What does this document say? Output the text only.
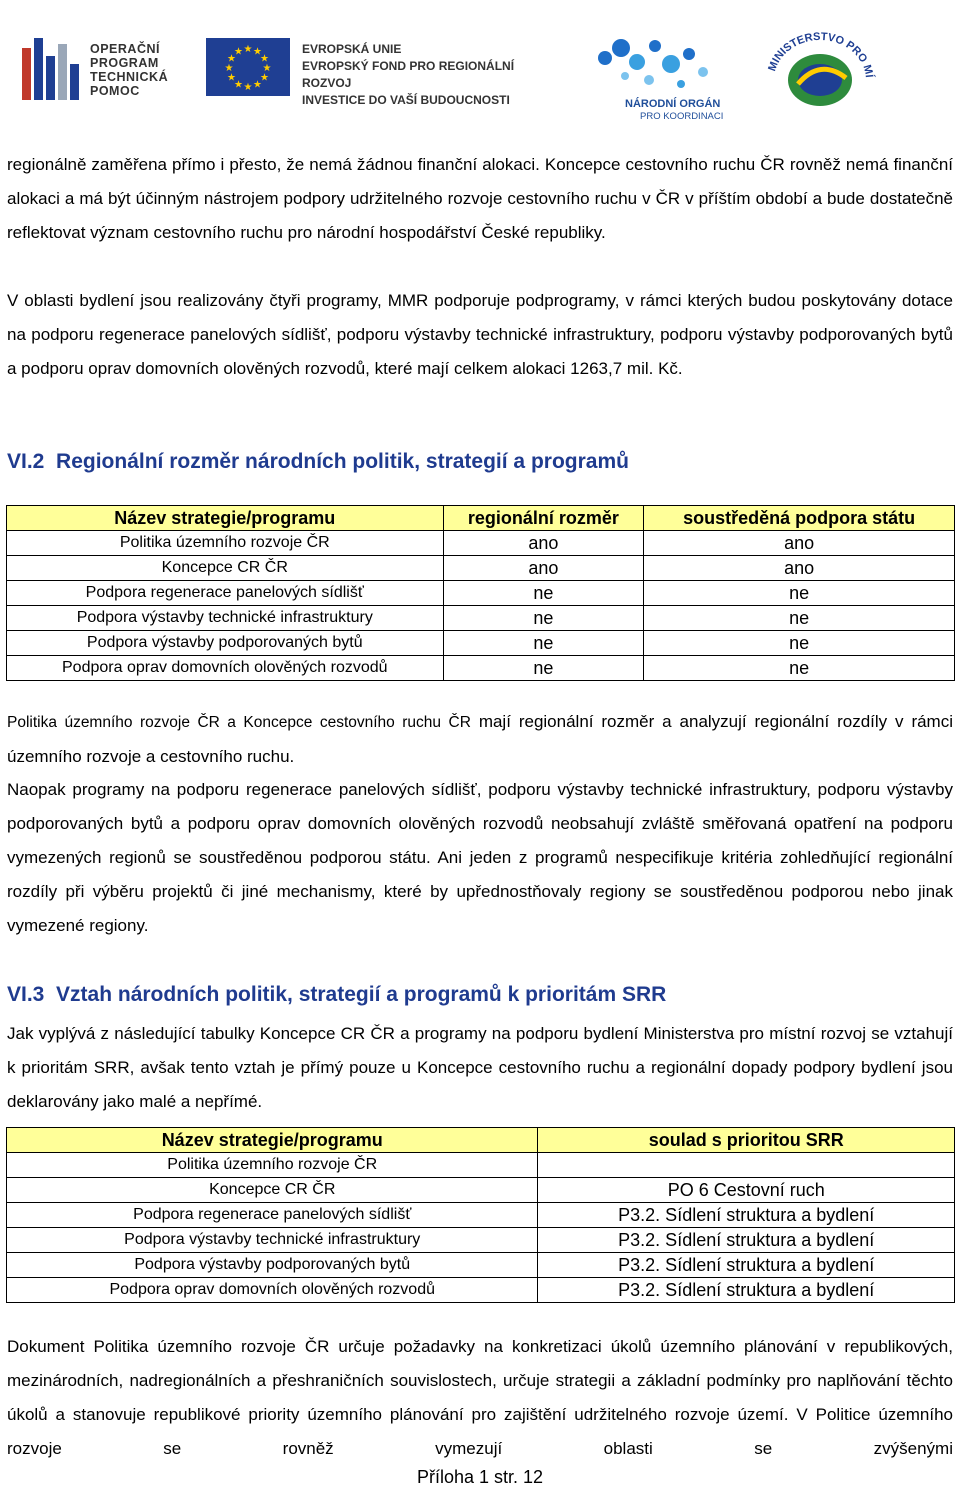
OPERAČNÍ
PROGRAM
TECHNICKÁ
POMOC
★ ★
★
★
★
★
★
★
★
★
★
★	EVROPSKÁ UNIE
EVROPSKÝ FOND PRO REGIONÁLNÍ ROZVOJ
INVESTICE DO VAŠÍ BUDOUCNOSTI	NÁRODNÍ ORGÁN
PRO KOORDINACI
MINISTERSTVO PRO MÍ

regionálně zaměřena přímo i přesto, že nemá žádnou finanční alokaci. Koncepce cestovního ruchu ČR rovněž nemá finanční alokaci a má být účinným nástrojem podpory udržitelného rozvoje cestovního ruchu v ČR v příštím období a bude dostatečně reflektovat význam cestovního ruchu pro národní hospodářství České republiky.

V oblasti bydlení jsou realizovány čtyři programy, MMR podporuje podprogramy, v rámci kterých budou poskytovány dotace na podporu regenerace panelových sídlišť, podporu výstavby technické infrastruktury, podporu výstavby podporovaných bytů a podporu oprav domovních olověných rozvodů, které mají celkem alokaci 1263,7 mil. Kč.

VI.2 Regionální rozměr národních politik, strategií a programů
Název strategie/programu	regionální rozměr	soustředěná podpora státu
Politika územního rozvoje ČR	ano	ano
Koncepce CR ČR	ano	ano
Podpora regenerace panelových sídlišť	ne	ne
Podpora výstavby technické infrastruktury	ne	ne
Podpora výstavby podporovaných bytů	ne	ne
Podpora oprav domovních olověných rozvodů	ne	ne

Politika územního rozvoje ČR a Koncepce cestovního ruchu ČR mají regionální rozměr a analyzují regionální rozdíly v rámci územního rozvoje a cestovního ruchu.

Naopak programy na podporu regenerace panelových sídlišť, podporu výstavby technické infrastruktury, podporu výstavby podporovaných bytů a podporu oprav domovních olověných rozvodů neobsahují zvláště směřovaná opatření na podporu vymezených regionů se soustředěnou podporou státu. Ani jeden z programů nespecifikuje kritéria zohledňující regionální rozdíly při výběru projektů či jiné mechanismy, které by upřednostňovaly regiony se soustředěnou podporou nebo jinak vymezené regiony.

VI.3 Vztah národních politik, strategií a programů k prioritám SRR

Jak vyplývá z následující tabulky Koncepce CR ČR a programy na podporu bydlení Ministerstva pro místní rozvoj se vztahují k prioritám SRR, avšak tento vztah je přímý pouze u Koncepce cestovního ruchu a regionální dopady podpory bydlení jsou deklarovány jako malé a nepřímé.

Název strategie/programu	soulad s prioritou SRR
Politika územního rozvoje ČR	
Koncepce CR ČR	PO 6 Cestovní ruch
Podpora regenerace panelových sídlišť	P3.2. Sídlení struktura a bydlení
Podpora výstavby technické infrastruktury	P3.2. Sídlení struktura a bydlení
Podpora výstavby podporovaných bytů	P3.2. Sídlení struktura a bydlení
Podpora oprav domovních olověných rozvodů	P3.2. Sídlení struktura a bydlení

Dokument Politika územního rozvoje ČR určuje požadavky na konkretizaci úkolů územního plánování v republikových, mezinárodních, nadregionálních a přeshraničních souvislostech, určuje strategii a základní podmínky pro naplňování těchto úkolů a stanovuje republikové priority územního plánování pro zajištění udržitelného rozvoje území. V Politice územního rozvoje se rovněž vymezují oblasti se zvýšenými

Příloha 1 str. 12
